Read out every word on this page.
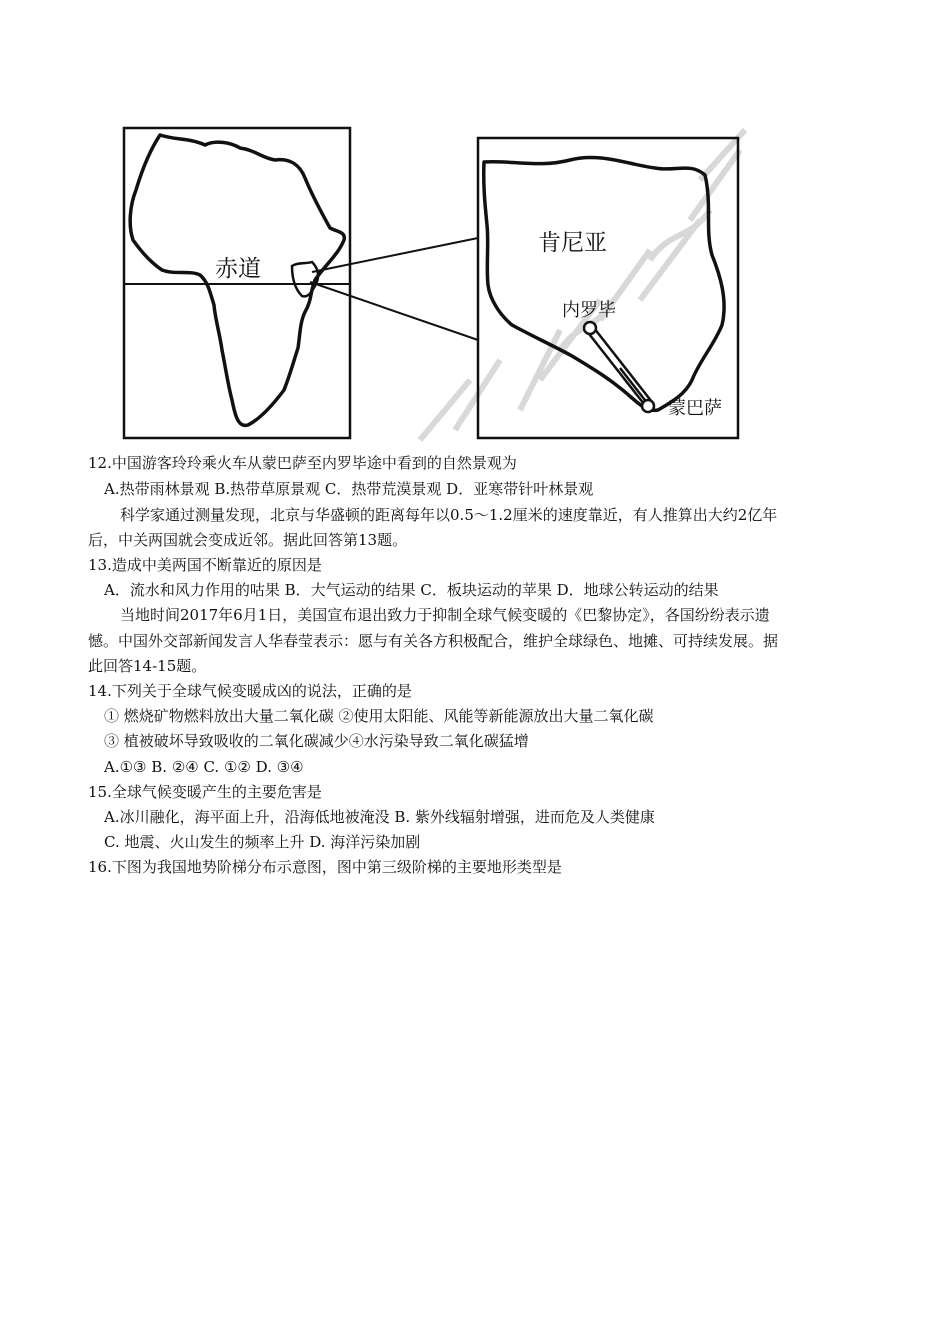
赤道
肯尼亚
内罗毕
蒙巴萨
12.中国游客玲玲乘火车从蒙巴萨至内罗毕途中看到的自然景观为
A.热带雨林景观 B.热带草原景观 C．热带荒漠景观 D．亚寒带针叶林景观
科学家通过测量发现，北京与华盛顿的距离每年以0.5～1.2厘米的速度靠近，有人推算出大约2亿年
后，中关两国就会变成近邻。据此回答第13题。
13.造成中美两国不断靠近的原因是
A．流水和风力作用的咕果 B．大气运动的结果 C．板块运动的苹果 D．地球公转运动的结果
当地时间2017年6月1日，美国宣布退出致力于抑制全球气候变暖的《巴黎协定》，各国纷纷表示遗
憾。中国外交部新闻发言人华春莹表示：愿与有关各方积极配合，维护全球绿色、地摊、可持续发展。据
此回答14-15题。
14.下列关于全球气候变暖成凶的说法，正确的是
① 燃烧矿物燃料放出大量二氧化碳 ②使用太阳能、风能等新能源放出大量二氧化碳
③ 植被破坏导致吸收的二氧化碳减少④水污染导致二氧化碳猛增
A.①③ B. ②④ C. ①② D. ③④
15.全球气候变暖产生的主要危害是
A.冰川融化，海平面上升，沿海低地被淹没 B. 紫外线辐射增强，进而危及人类健康
C. 地震、火山发生的频率上升 D. 海洋污染加剧
16.下图为我国地势阶梯分布示意图，图中第三级阶梯的主要地形类型是
